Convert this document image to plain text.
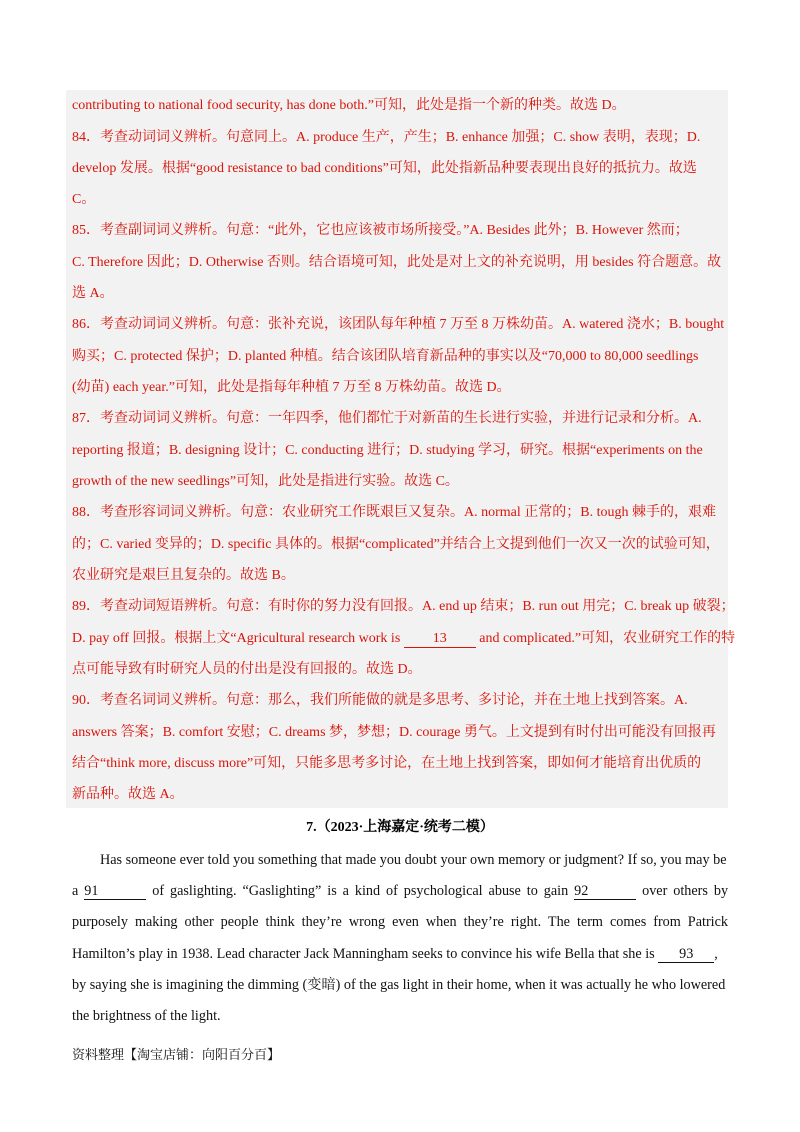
contributing to national food security, has done both.”可知，此处是指一个新的种类。故选 D。
84．考查动词词义辨析。句意同上。A. produce 生产，产生；B. enhance 加强；C. show 表明，表现；D.
develop 发展。根据“good resistance to bad conditions”可知，此处指新品种要表现出良好的抵抗力。故选
C。
85．考查副词词义辨析。句意：“此外，它也应该被市场所接受。”A. Besides 此外；B. However 然而；
C. Therefore 因此；D. Otherwise 否则。结合语境可知，此处是对上文的补充说明，用 besides 符合题意。故
选 A。
86．考查动词词义辨析。句意：张补充说，该团队每年种植 7 万至 8 万株幼苗。A. watered 浇水；B. bought
购买；C. protected 保护；D. planted 种植。结合该团队培育新品种的事实以及“70,000 to 80,000 seedlings
(幼苗) each year.”可知，此处是指每年种植 7 万至 8 万株幼苗。故选 D。
87．考查动词词义辨析。句意：一年四季，他们都忙于对新苗的生长进行实验，并进行记录和分析。A.
reporting 报道；B. designing 设计；C. conducting 进行；D. studying 学习，研究。根据“experiments on the
growth of the new seedlings”可知，此处是指进行实验。故选 C。
88．考查形容词词义辨析。句意：农业研究工作既艰巨又复杂。A. normal 正常的；B. tough 棘手的，艰难
的；C. varied 变异的；D. specific 具体的。根据“complicated”并结合上文提到他们一次又一次的试验可知，
农业研究是艰巨且复杂的。故选 B。
89．考查动词短语辨析。句意：有时你的努力没有回报。A. end up 结束；B. run out 用完；C. break up 破裂；
D. pay off 回报。根据上文“Agricultural research work is 13 and complicated.”可知，农业研究工作的特
点可能导致有时研究人员的付出是没有回报的。故选 D。
90．考查名词词义辨析。句意：那么，我们所能做的就是多思考、多讨论，并在土地上找到答案。A.
answers 答案；B. comfort 安慰；C. dreams 梦，梦想；D. courage 勇气。上文提到有时付出可能没有回报再
结合“think more, discuss more”可知，只能多思考多讨论，在土地上找到答案，即如何才能培育出优质的
新品种。故选 A。
7.（2023·上海嘉定·统考二模）
Has someone ever told you something that made you doubt your own memory or judgment? If so, you may be
a 91	of gaslighting. “Gaslighting” is a kind of psychological abuse to gain 92	over others by
purposely making other people think they’re wrong even when they’re right. The term comes from Patrick
Hamilton’s play in 1938. Lead character Jack Manningham seeks to convince his wife Bella that she is 93 ,
by saying she is imagining the dimming (变暗) of the gas light in their home, when it was actually he who lowered
the brightness of the light.
资料整理【淘宝店铺：向阳百分百】
